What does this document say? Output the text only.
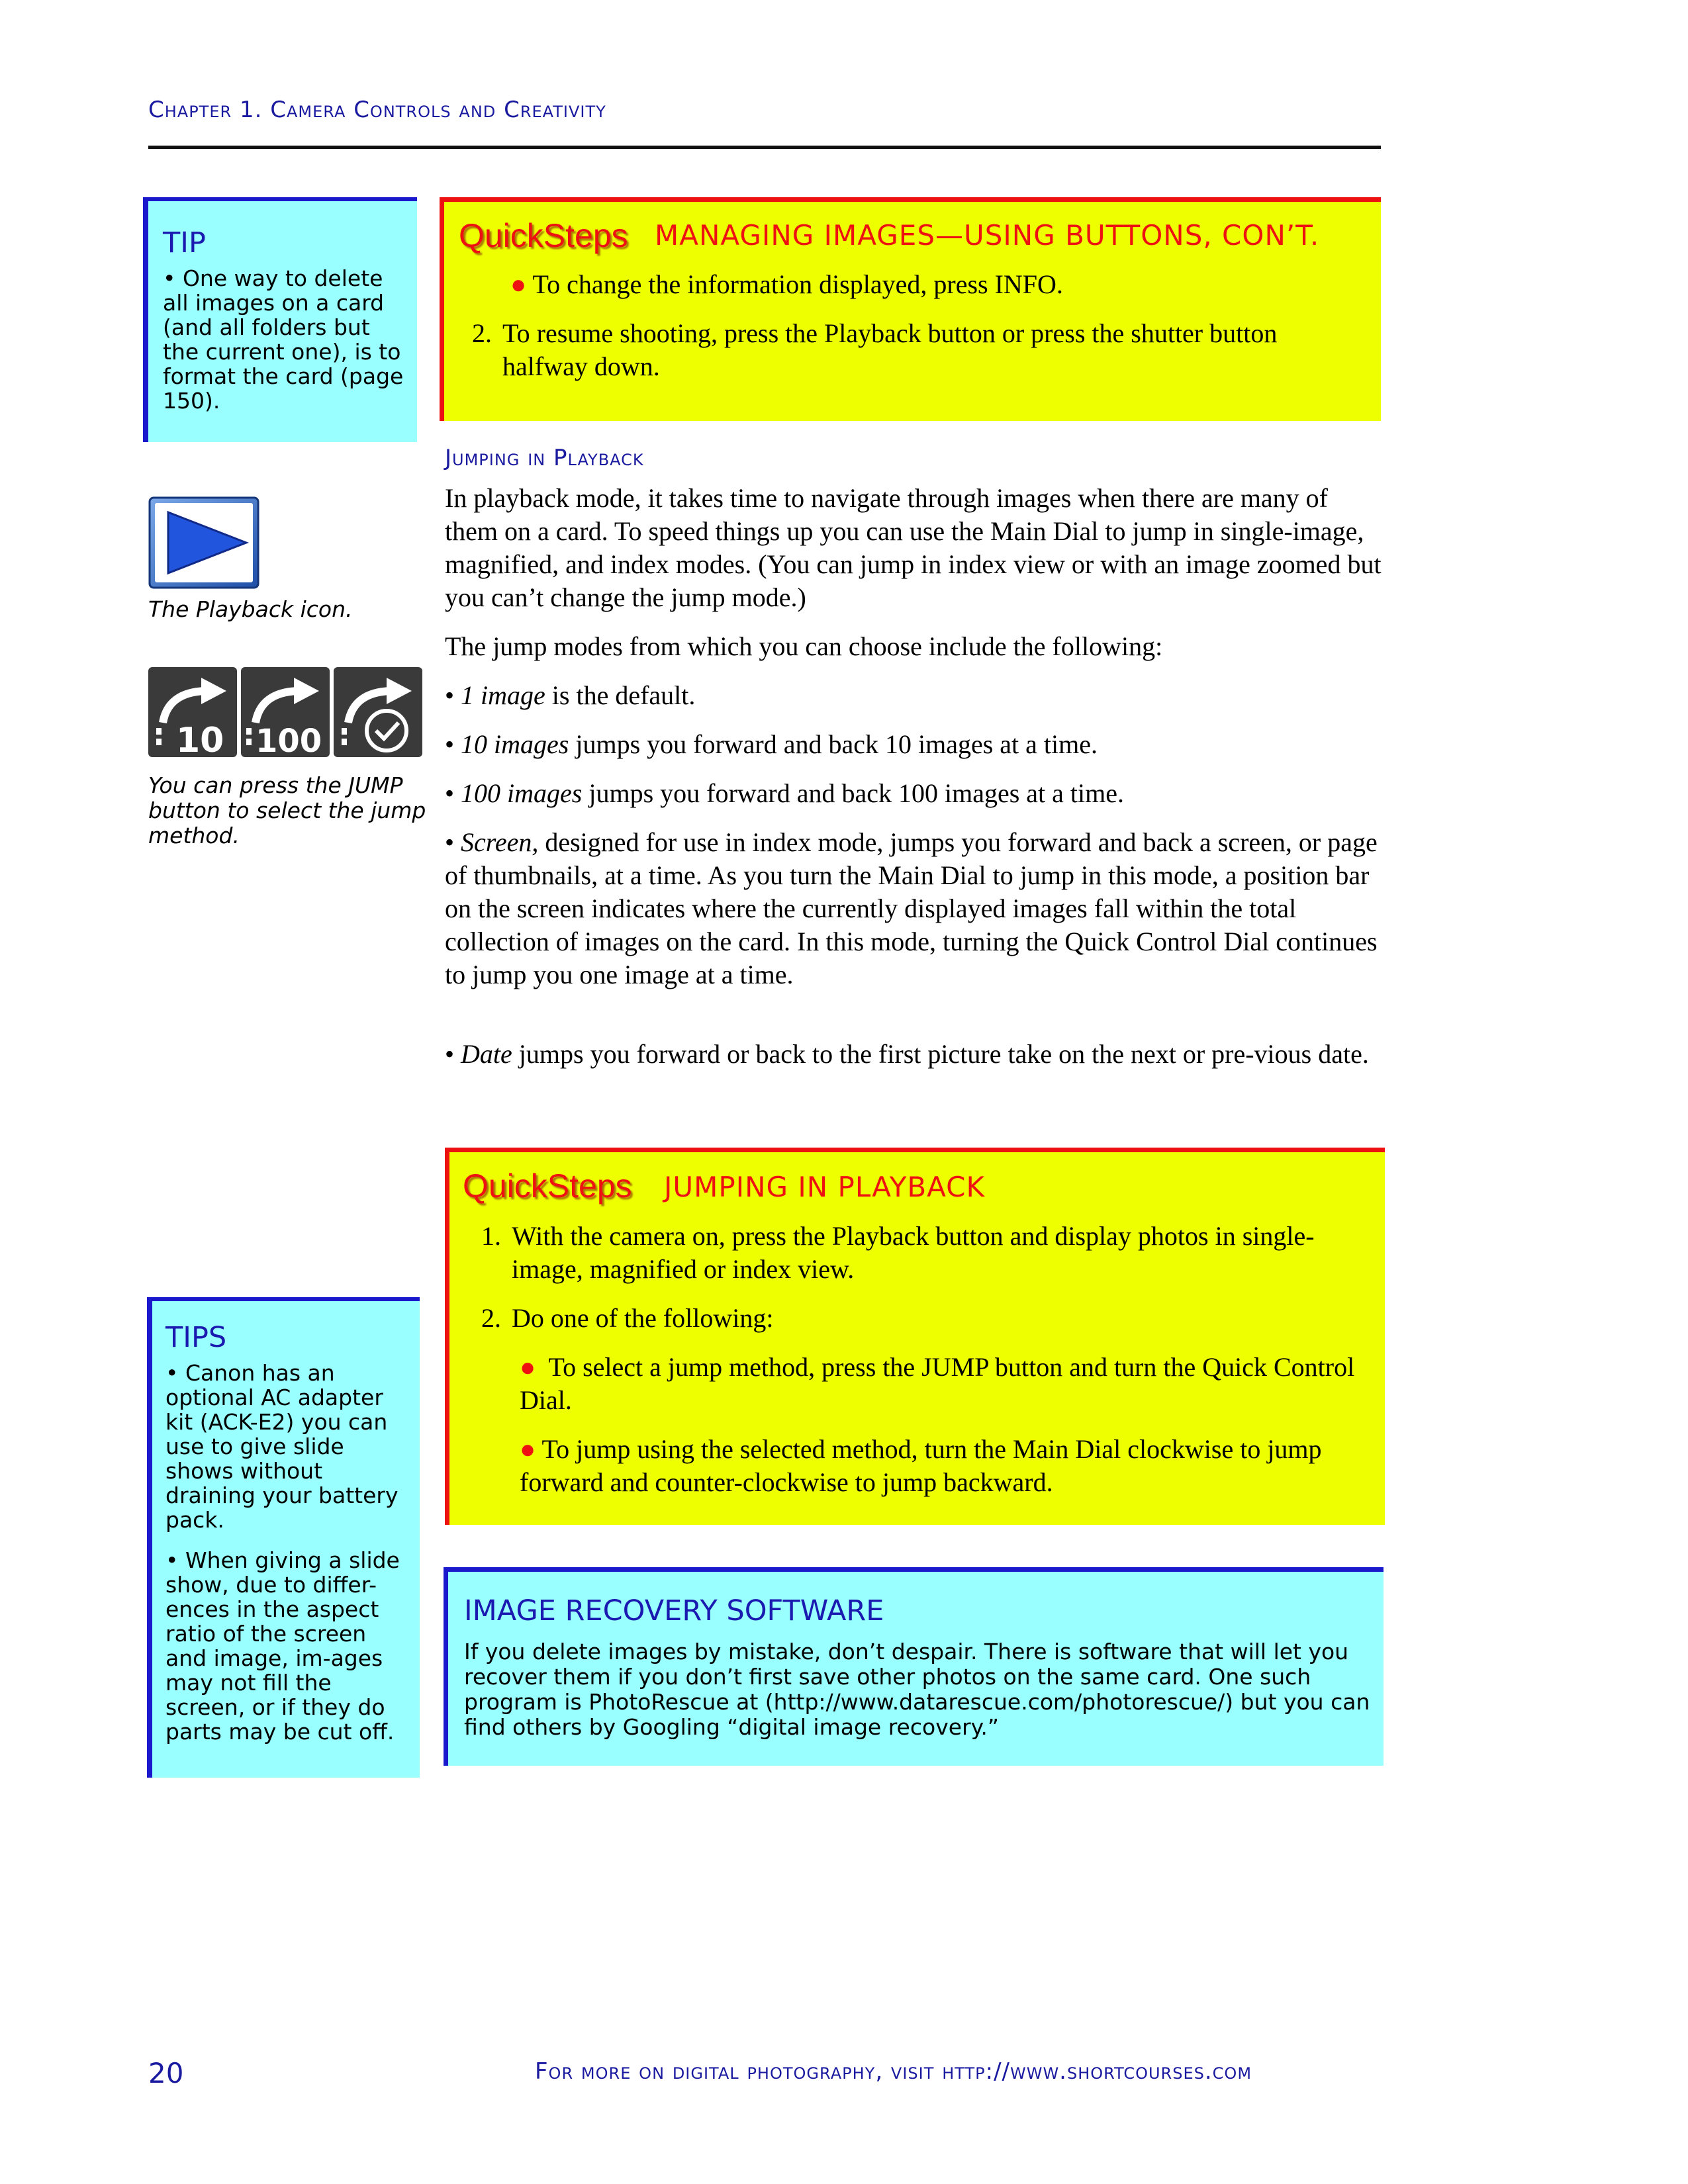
Chapter 1. Camera Controls and Creativity
TIP

• One way to delete all images on a card (and all folders but the current one), is to format the card (page 150).

QuickSteps MANAGING IMAGES—USING BUTTONS, CON’T.
● To change the information displayed, press INFO.
2. To resume shooting, press the Playback button or press the shutter button halfway down.
Jumping in Playback

In playback mode, it takes time to navigate through images when there are many of them on a card. To speed things up you can use the Main Dial to jump in single-image, magnified, and index modes. (You can jump in index view or with an image zoomed but you can’t change the jump mode.)

The jump modes from which you can choose include the following:

• 1 image is the default.

• 10 images jumps you forward and back 10 images at a time.

• 100 images jumps you forward and back 100 images at a time.

• Screen, designed for use in index mode, jumps you forward and back a screen, or page of thumbnails, at a time. As you turn the Main Dial to jump in this mode, a position bar on the screen indicates where the currently displayed images fall within the total collection of images on the card. In this mode, turning the Quick Control Dial continues to jump you one image at a time.

• Date jumps you forward or back to the first picture take on the next or pre-vious date.

The Playback icon.
10 100
You can press the JUMP button to select the jump method.
QuickSteps JUMPING IN PLAYBACK
1. With the camera on, press the Playback button and display photos in single-image, magnified or index view.
2. Do one of the following:
● To select a jump method, press the JUMP button and turn the Quick Control Dial.
● To jump using the selected method, turn the Main Dial clockwise to jump forward and counter-clockwise to jump backward.
TIPS

• Canon has an optional AC adapter kit (ACK-E2) you can use to give slide shows without draining your battery pack.

• When giving a slide show, due to differ-ences in the aspect ratio of the screen and image, im-ages may not fill the screen, or if they do parts may be cut off.

IMAGE RECOVERY SOFTWARE

If you delete images by mistake, don’t despair. There is software that will let you recover them if you don’t first save other photos on the same card. One such program is PhotoRescue at (http://www.datarescue.com/photorescue/) but you can find others by Googling “digital image recovery.”

20	For more on digital photography, visit http://www.shortcourses.com
